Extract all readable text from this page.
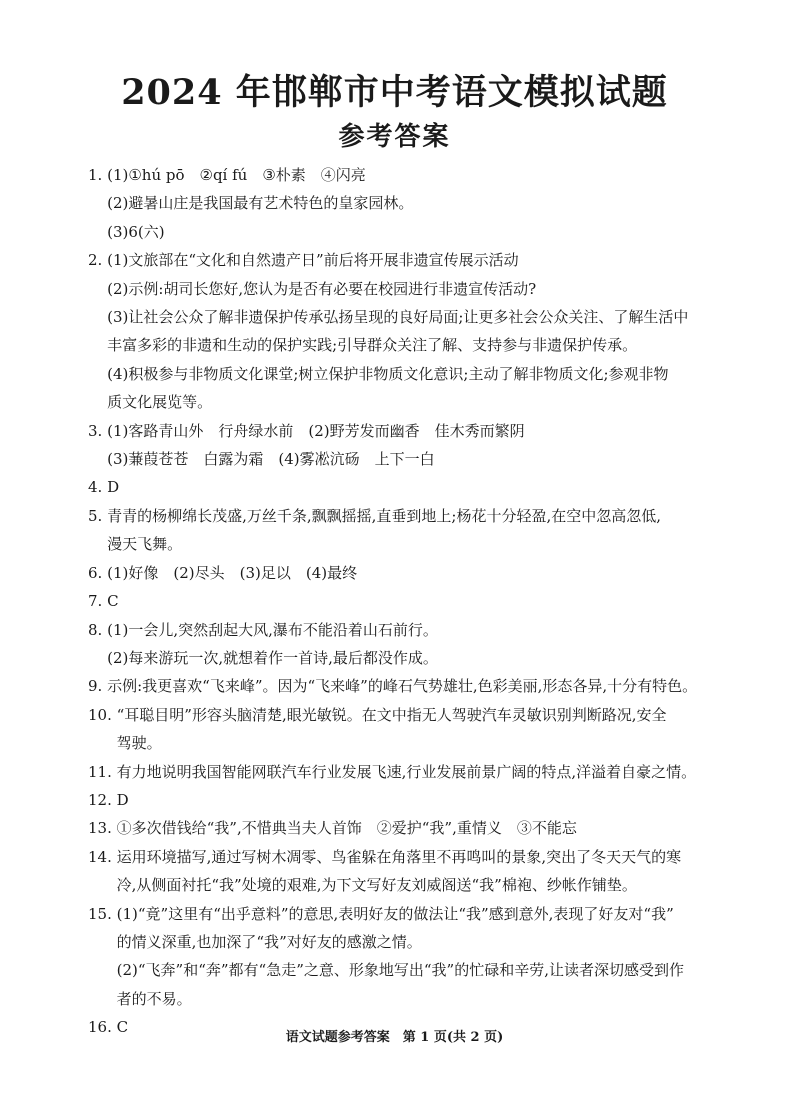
2024 年邯郸市中考语文模拟试题
参考答案
1. (1)①hú pō　②qí fú　③朴素　④闪亮
(2)避暑山庄是我国最有艺术特色的皇家园林。
(3)6(六)
2. (1)文旅部在“文化和自然遗产日”前后将开展非遗宣传展示活动
(2)示例:胡司长您好,您认为是否有必要在校园进行非遗宣传活动?
(3)让社会公众了解非遗保护传承弘扬呈现的良好局面;让更多社会公众关注、了解生活中
丰富多彩的非遗和生动的保护实践;引导群众关注了解、支持参与非遗保护传承。
(4)积极参与非物质文化课堂;树立保护非物质文化意识;主动了解非物质文化;参观非物
质文化展览等。
3. (1)客路青山外　行舟绿水前　(2)野芳发而幽香　佳木秀而繁阴
(3)蒹葭苍苍　白露为霜　(4)雾凇沆砀　上下一白
4. D
5. 青青的杨柳绵长茂盛,万丝千条,飘飘摇摇,直垂到地上;杨花十分轻盈,在空中忽高忽低,
漫天飞舞。
6. (1)好像　(2)尽头　(3)足以　(4)最终
7. C
8. (1)一会儿,突然刮起大风,瀑布不能沿着山石前行。
(2)每来游玩一次,就想着作一首诗,最后都没作成。
9. 示例:我更喜欢“飞来峰”。因为“飞来峰”的峰石气势雄壮,色彩美丽,形态各异,十分有特色。
10. “耳聪目明”形容头脑清楚,眼光敏锐。在文中指无人驾驶汽车灵敏识别判断路况,安全
驾驶。
11. 有力地说明我国智能网联汽车行业发展飞速,行业发展前景广阔的特点,洋溢着自豪之情。
12. D
13. ①多次借钱给“我”,不惜典当夫人首饰　②爱护“我”,重情义　③不能忘
14. 运用环境描写,通过写树木凋零、鸟雀躲在角落里不再鸣叫的景象,突出了冬天天气的寒
冷,从侧面衬托“我”处境的艰难,为下文写好友刘威阁送“我”棉袍、纱帐作铺垫。
15. (1)“竟”这里有“出乎意料”的意思,表明好友的做法让“我”感到意外,表现了好友对“我”
的情义深重,也加深了“我”对好友的感激之情。
(2)“飞奔”和“奔”都有“急走”之意、形象地写出“我”的忙碌和辛劳,让读者深切感受到作
者的不易。
16. C
语文试题参考答案　第 1 页(共 2 页)
